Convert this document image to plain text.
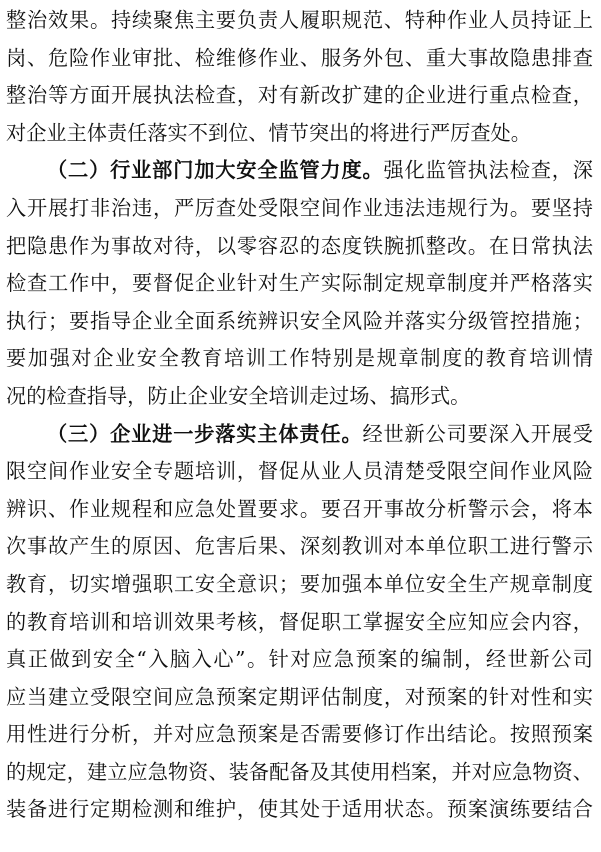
整治效果。持续聚焦主要负责人履职规范、特种作业人员持证上
岗、危险作业审批、检维修作业、服务外包、重大事故隐患排查
整治等方面开展执法检查，对有新改扩建的企业进行重点检查，
对企业主体责任落实不到位、情节突出的将进行严厉查处。
（二）行业部门加大安全监管力度。强化监管执法检查，深
入开展打非治违，严厉查处受限空间作业违法违规行为。要坚持
把隐患作为事故对待，以零容忍的态度铁腕抓整改。在日常执法
检查工作中，要督促企业针对生产实际制定规章制度并严格落实
执行；要指导企业全面系统辨识安全风险并落实分级管控措施；
要加强对企业安全教育培训工作特别是规章制度的教育培训情
况的检查指导，防止企业安全培训走过场、搞形式。
（三）企业进一步落实主体责任。经世新公司要深入开展受
限空间作业安全专题培训，督促从业人员清楚受限空间作业风险
辨识、作业规程和应急处置要求。要召开事故分析警示会，将本
次事故产生的原因、危害后果、深刻教训对本单位职工进行警示
教育，切实增强职工安全意识；要加强本单位安全生产规章制度
的教育培训和培训效果考核，督促职工掌握安全应知应会内容，
真正做到安全“入脑入心”。针对应急预案的编制，经世新公司
应当建立受限空间应急预案定期评估制度，对预案的针对性和实
用性进行分析，并对应急预案是否需要修订作出结论。按照预案
的规定，建立应急物资、装备配备及其使用档案，并对应急物资、
装备进行定期检测和维护，使其处于适用状态。预案演练要结合
